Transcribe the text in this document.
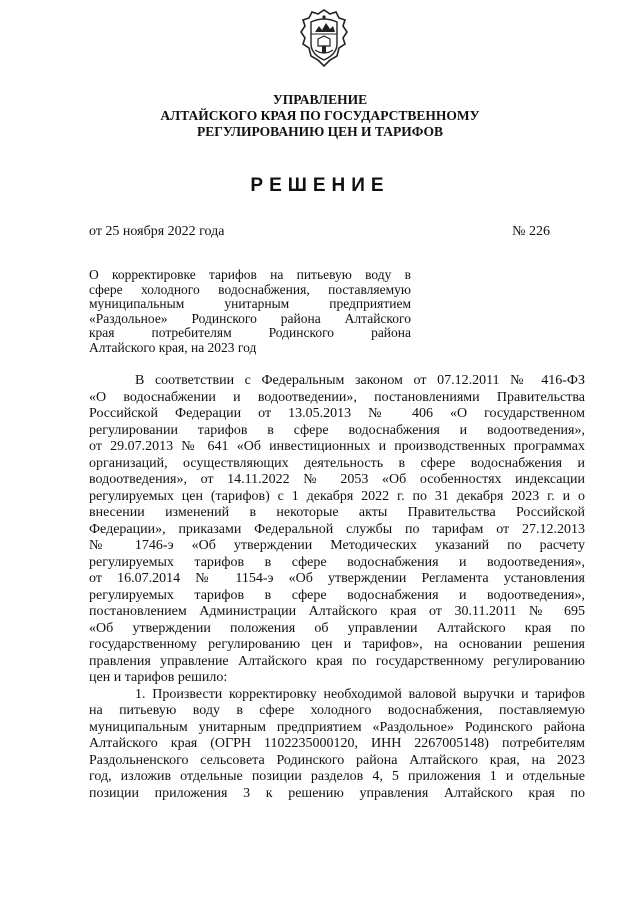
УПРАВЛЕНИЕ
АЛТАЙСКОГО КРАЯ ПО ГОСУДАРСТВЕННОМУ
РЕГУЛИРОВАНИЮ ЦЕН И ТАРИФОВ
РЕШЕНИЕ
от 25 ноября 2022 года	№ 226
О корректировке тарифов на питьевую воду в
сфере холодного водоснабжения, поставляемую
муниципальным унитарным предприятием
«Раздольное» Родинского района Алтайского
края потребителям Родинского района
Алтайского края, на 2023 год
В соответствии с Федеральным законом от 07.12.2011 № 416-ФЗ
«О водоснабжении и водоотведении», постановлениями Правительства
Российской Федерации от 13.05.2013 № 406 «О государственном
регулировании тарифов в сфере водоснабжения и водоотведения»,
от 29.07.2013 № 641 «Об инвестиционных и производственных программах
организаций, осуществляющих деятельность в сфере водоснабжения и
водоотведения», от 14.11.2022 № 2053 «Об особенностях индексации
регулируемых цен (тарифов) с 1 декабря 2022 г. по 31 декабря 2023 г. и о
внесении изменений в некоторые акты Правительства Российской
Федерации», приказами Федеральной службы по тарифам от 27.12.2013
№ 1746-э «Об утверждении Методических указаний по расчету
регулируемых тарифов в сфере водоснабжения и водоотведения»,
от 16.07.2014 № 1154-э «Об утверждении Регламента установления
регулируемых тарифов в сфере водоснабжения и водоотведения»,
постановлением Администрации Алтайского края от 30.11.2011 № 695
«Об утверждении положения об управлении Алтайского края по
государственному регулированию цен и тарифов», на основании решения
правления управление Алтайского края по государственному регулированию
цен и тарифов решило:
1. Произвести корректировку необходимой валовой выручки и тарифов
на питьевую воду в сфере холодного водоснабжения, поставляемую
муниципальным унитарным предприятием «Раздольное» Родинского района
Алтайского края (ОГРН 1102235000120, ИНН 2267005148) потребителям
Раздольненского сельсовета Родинского района Алтайского края, на 2023
год, изложив отдельные позиции разделов 4, 5 приложения 1 и отдельные
позиции приложения 3 к решению управления Алтайского края по
